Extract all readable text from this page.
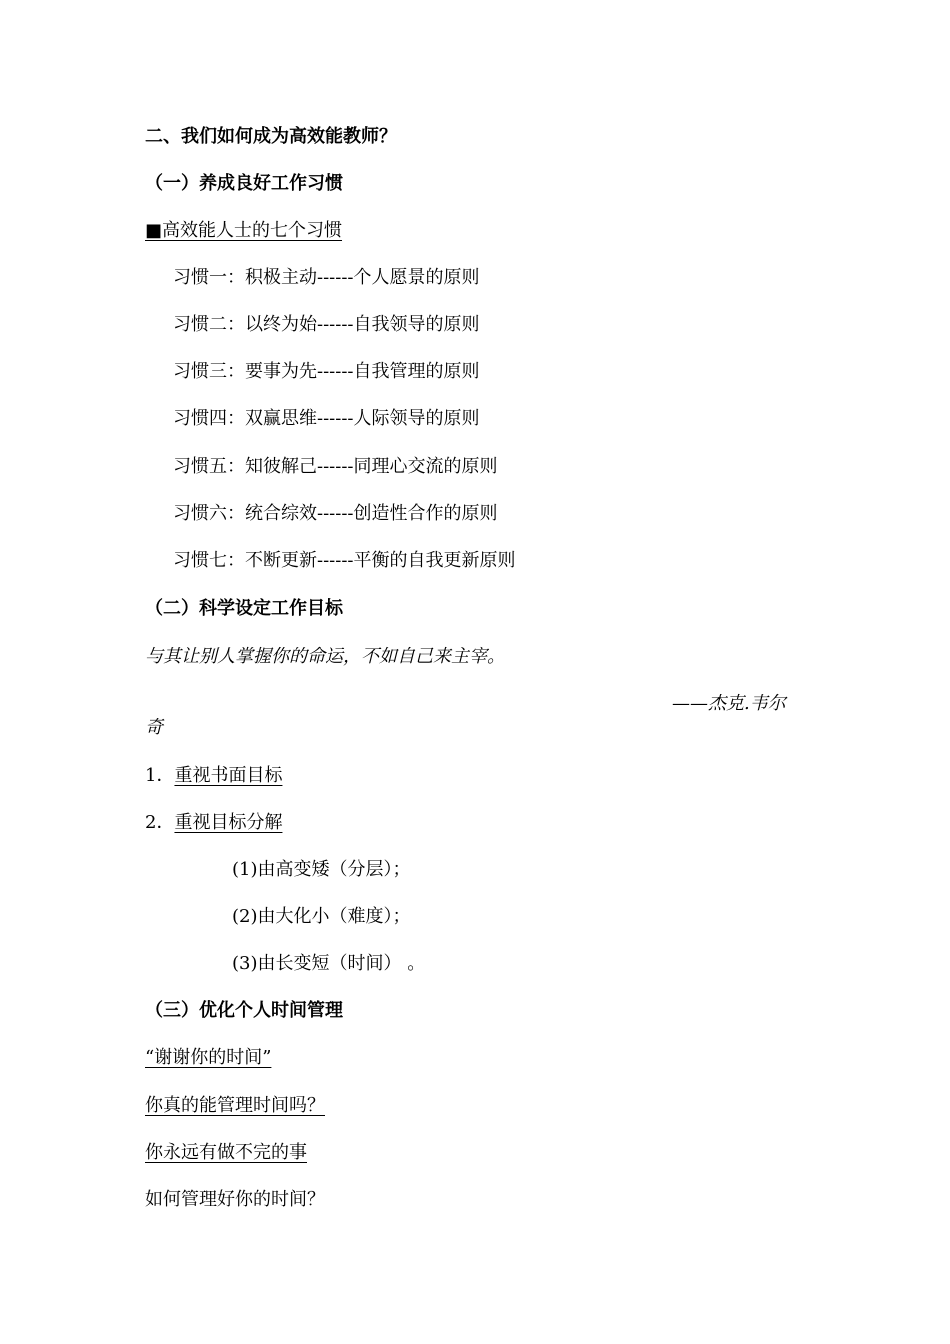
二、我们如何成为高效能教师？
（一）养成良好工作习惯
■高效能人士的七个习惯
习惯一：积极主动------个人愿景的原则
习惯二：以终为始------自我领导的原则
习惯三：要事为先------自我管理的原则
习惯四：双赢思维------人际领导的原则
习惯五：知彼解己------同理心交流的原则
习惯六：统合综效------创造性合作的原则
习惯七：不断更新------平衡的自我更新原则
（二）科学设定工作目标
与其让别人掌握你的命运，不如自己来主宰。
——杰克.韦尔
奇
1．重视书面目标
2．重视目标分解
(1)由高变矮（分层）；
(2)由大化小（难度）；
(3)由长变短（时间） 。
（三）优化个人时间管理
“谢谢你的时间”
你真的能管理时间吗？
你永远有做不完的事
如何管理好你的时间？
